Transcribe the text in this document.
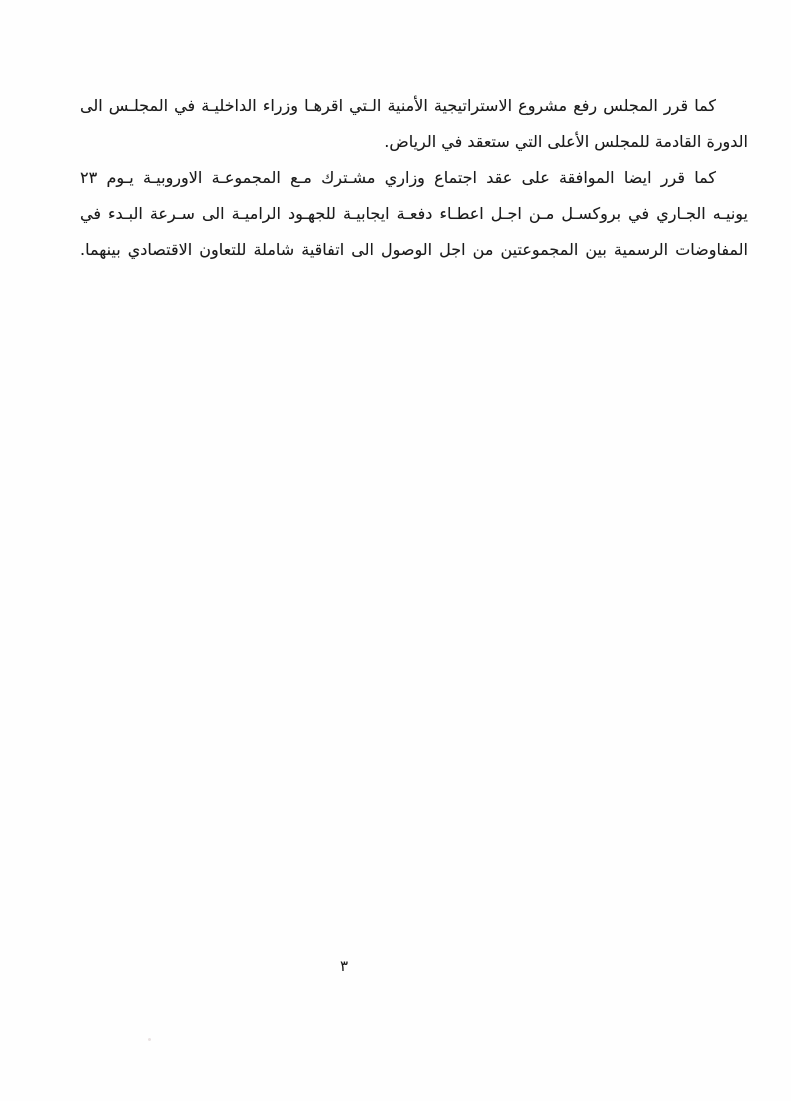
كما قرر المجلس رفع مشروع الاستراتيجية الأمنية الـتي اقرهـا وزراء الداخليـة في المجلـس الى
الدورة القادمة للمجلس الأعلى التي ستعقد في الرياض.
كما قرر ايضا الموافقة على عقد اجتماع وزاري مشـترك مـع المجموعـة الاوروبيـة يـوم ٢٣
يونيـه الجـاري في بروكسـل مـن اجـل اعطـاء دفعـة ايجابيـة للجهـود الراميـة الى سـرعة البـدء في
المفاوضات الرسمية بين المجموعتين من اجل الوصول الى اتفاقية شاملة للتعاون الاقتصادي بينهما.
٣
